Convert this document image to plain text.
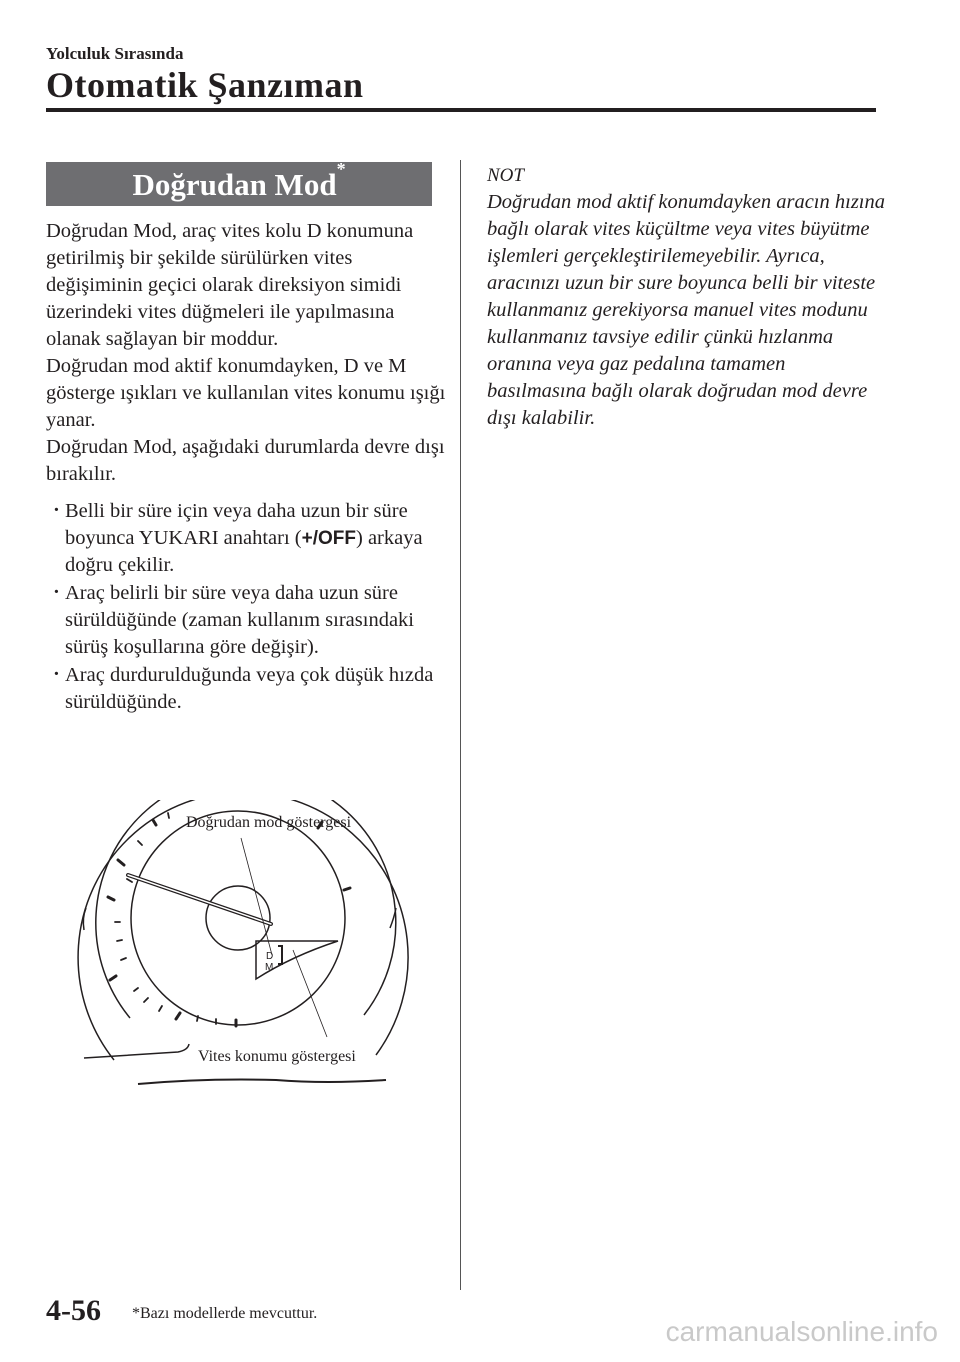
Yolculuk Sırasında
Otomatik Şanzıman
Doğrudan Mod*

Doğrudan Mod, araç vites kolu D konumuna getirilmiş bir şekilde sürülürken vites değişiminin geçici olarak direksiyon simidi üzerindeki vites düğmeleri ile yapılmasına olanak sağlayan bir moddur.

Doğrudan mod aktif konumdayken, D ve M gösterge ışıkları ve kullanılan vites konumu ışığı yanar.

Doğrudan Mod, aşağıdaki durumlarda devre dışı bırakılır.

· Belli bir süre için veya daha uzun bir süre boyunca YUKARI anahtarı (+/OFF) arkaya doğru çekilir.
· Araç belirli bir süre veya daha uzun süre sürüldüğünde (zaman kullanım sırasındaki sürüş koşullarına göre değişir).
· Araç durdurulduğunda veya çok düşük hızda sürüldüğünde.

NOT

Doğrudan mod aktif konumdayken aracın hızına bağlı olarak vites küçültme veya vites büyütme işlemleri gerçekleştirilemeyebilir. Ayrıca, aracınızı uzun bir sure boyunca belli bir viteste kullanmanız gerekiyorsa manuel vites modunu kullanmanız tavsiye edilir çünkü hızlanma oranına veya gaz pedalına tamamen basılmasına bağlı olarak doğrudan mod devre dışı kalabilir.

D
M
Doğrudan mod göstergesi
Vites konumu göstergesi
4-56 *Bazı modellerde mevcuttur.
carmanualsonline.info
